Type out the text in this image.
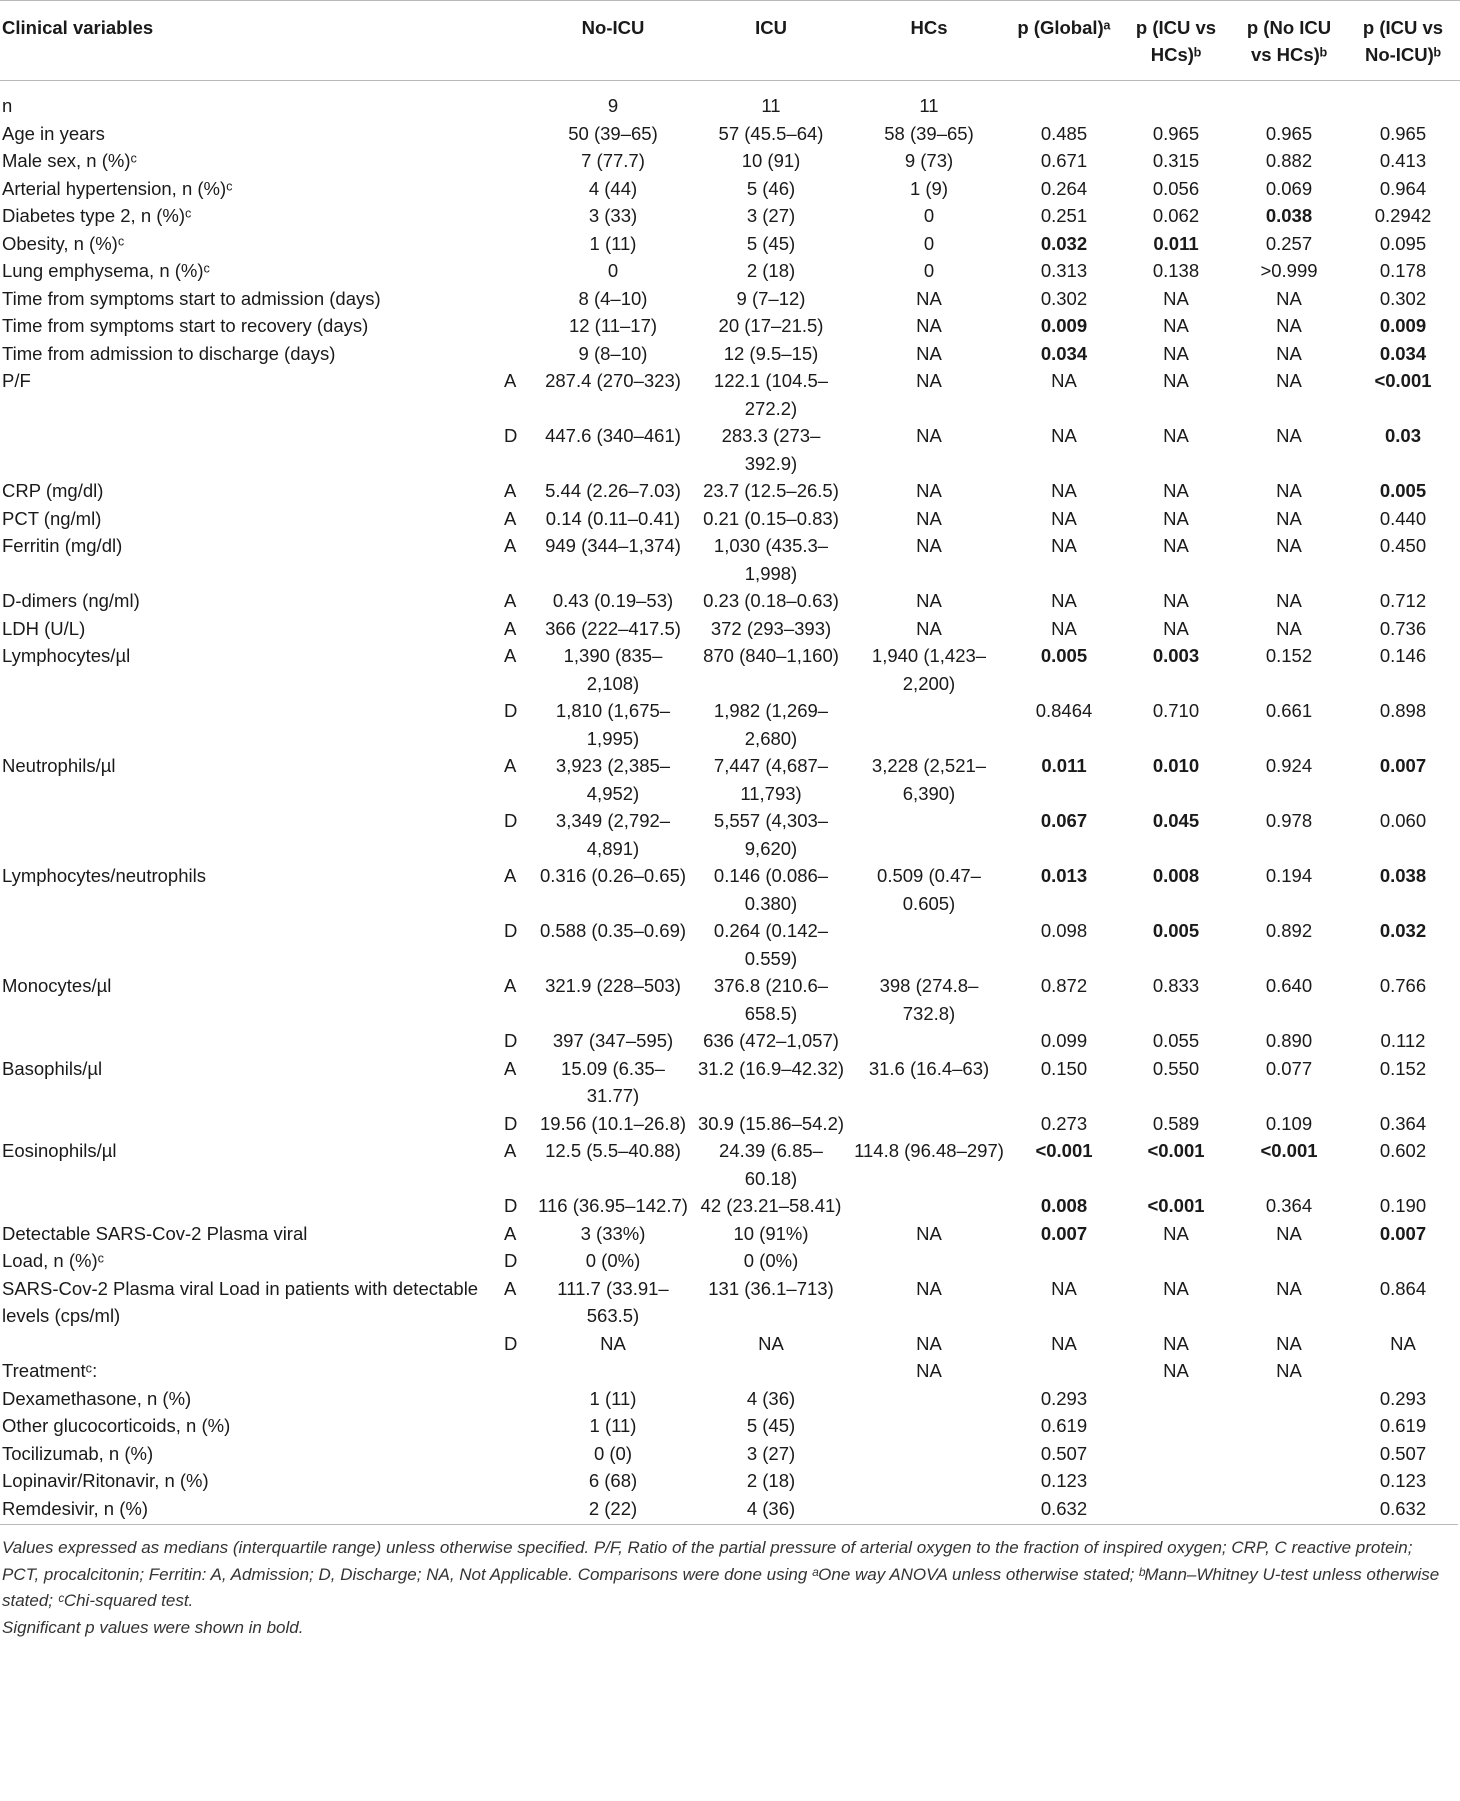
Clinical variables		No-ICU	ICU	HCs	p (Global)ᵃ	p (ICU vs HCs)ᵇ	p (No ICU vs HCs)ᵇ	p (ICU vs No-ICU)ᵇ
n		9	11	11				
Age in years		50 (39–65)	57 (45.5–64)	58 (39–65)	0.485	0.965	0.965	0.965
Male sex, n (%)ᶜ		7 (77.7)	10 (91)	9 (73)	0.671	0.315	0.882	0.413
Arterial hypertension, n (%)ᶜ		4 (44)	5 (46)	1 (9)	0.264	0.056	0.069	0.964
Diabetes type 2, n (%)ᶜ		3 (33)	3 (27)	0	0.251	0.062	0.038	0.2942
Obesity, n (%)ᶜ		1 (11)	5 (45)	0	0.032	0.011	0.257	0.095
Lung emphysema, n (%)ᶜ		0	2 (18)	0	0.313	0.138	>0.999	0.178
Time from symptoms start to admission (days)		8 (4–10)	9 (7–12)	NA	0.302	NA	NA	0.302
Time from symptoms start to recovery (days)		12 (11–17)	20 (17–21.5)	NA	0.009	NA	NA	0.009
Time from admission to discharge (days)		9 (8–10)	12 (9.5–15)	NA	0.034	NA	NA	0.034
P/F	A	287.4 (270–323)	122.1 (104.5–272.2)	NA	NA	NA	NA	<0.001
	D	447.6 (340–461)	283.3 (273–392.9)	NA	NA	NA	NA	0.03
CRP (mg/dl)	A	5.44 (2.26–7.03)	23.7 (12.5–26.5)	NA	NA	NA	NA	0.005
PCT (ng/ml)	A	0.14 (0.11–0.41)	0.21 (0.15–0.83)	NA	NA	NA	NA	0.440
Ferritin (mg/dl)	A	949 (344–1,374)	1,030 (435.3–1,998)	NA	NA	NA	NA	0.450
D-dimers (ng/ml)	A	0.43 (0.19–53)	0.23 (0.18–0.63)	NA	NA	NA	NA	0.712
LDH (U/L)	A	366 (222–417.5)	372 (293–393)	NA	NA	NA	NA	0.736
Lymphocytes/µl	A	1,390 (835–2,108)	870 (840–1,160)	1,940 (1,423–2,200)	0.005	0.003	0.152	0.146
	D	1,810 (1,675–1,995)	1,982 (1,269–2,680)		0.8464	0.710	0.661	0.898
Neutrophils/µl	A	3,923 (2,385–4,952)	7,447 (4,687–11,793)	3,228 (2,521–6,390)	0.011	0.010	0.924	0.007
	D	3,349 (2,792–4,891)	5,557 (4,303–9,620)		0.067	0.045	0.978	0.060
Lymphocytes/neutrophils	A	0.316 (0.26–0.65)	0.146 (0.086–0.380)	0.509 (0.47–0.605)	0.013	0.008	0.194	0.038
	D	0.588 (0.35–0.69)	0.264 (0.142–0.559)		0.098	0.005	0.892	0.032
Monocytes/µl	A	321.9 (228–503)	376.8 (210.6–658.5)	398 (274.8–732.8)	0.872	0.833	0.640	0.766
	D	397 (347–595)	636 (472–1,057)		0.099	0.055	0.890	0.112
Basophils/µl	A	15.09 (6.35–31.77)	31.2 (16.9–42.32)	31.6 (16.4–63)	0.150	0.550	0.077	0.152
	D	19.56 (10.1–26.8)	30.9 (15.86–54.2)		0.273	0.589	0.109	0.364
Eosinophils/µl	A	12.5 (5.5–40.88)	24.39 (6.85–60.18)	114.8 (96.48–297)	<0.001	<0.001	<0.001	0.602
	D	116 (36.95–142.7)	42 (23.21–58.41)		0.008	<0.001	0.364	0.190
Detectable SARS-Cov-2 Plasma viral	A	3 (33%)	10 (91%)	NA	0.007	NA	NA	0.007
Load, n (%)ᶜ	D	0 (0%)	0 (0%)					
SARS-Cov-2 Plasma viral Load in patients with detectable levels (cps/ml)	A	111.7 (33.91–563.5)	131 (36.1–713)	NA	NA	NA	NA	0.864
	D	NA	NA	NA	NA	NA	NA	NA
Treatmentᶜ:				NA		NA	NA	
Dexamethasone, n (%)		1 (11)	4 (36)		0.293			0.293
Other glucocorticoids, n (%)		1 (11)	5 (45)		0.619			0.619
Tocilizumab, n (%)		0 (0)	3 (27)		0.507			0.507
Lopinavir/Ritonavir, n (%)		6 (68)	2 (18)		0.123			0.123
Remdesivir, n (%)		2 (22)	4 (36)		0.632			0.632
Values expressed as medians (interquartile range) unless otherwise specified. P/F, Ratio of the partial pressure of arterial oxygen to the fraction of inspired oxygen; CRP, C reactive protein; PCT, procalcitonin; Ferritin: A, Admission; D, Discharge; NA, Not Applicable. Comparisons were done using ᵃOne way ANOVA unless otherwise stated; ᵇMann–Whitney U-test unless otherwise stated; ᶜChi-squared test.
Significant p values were shown in bold.
